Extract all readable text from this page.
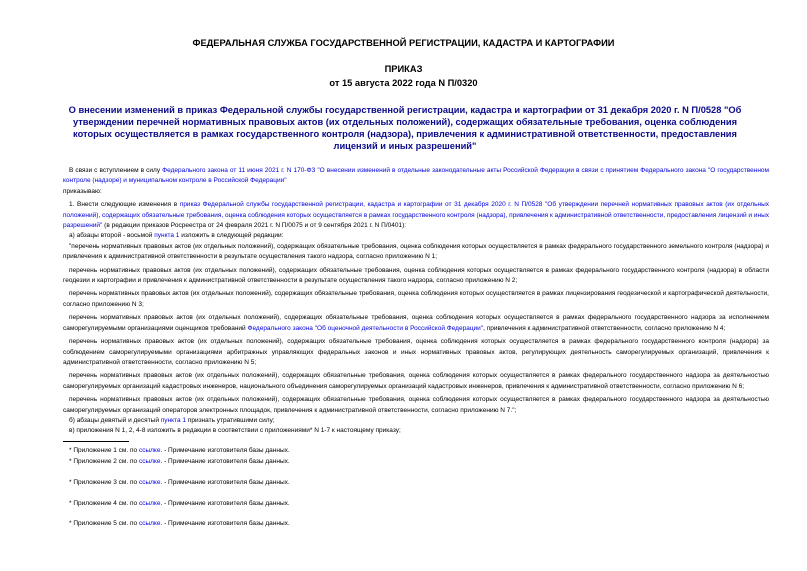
ФЕДЕРАЛЬНАЯ СЛУЖБА ГОСУДАРСТВЕННОЙ РЕГИСТРАЦИИ, КАДАСТРА И КАРТОГРАФИИ
ПРИКАЗ
от 15 августа 2022 года N П/0320
О внесении изменений в приказ Федеральной службы государственной регистрации, кадастра и картографии от 31 декабря 2020 г. N П/0528 "Об утверждении перечней нормативных правовых актов (их отдельных положений), содержащих обязательные требования, оценка соблюдения которых осуществляется в рамках государственного контроля (надзора), привлечения к административной ответственности, предоставления лицензий и иных разрешений"

В связи с вступлением в силу Федерального закона от 11 июня 2021 г. N 170-ФЗ "О внесении изменений в отдельные законодательные акты Российской Федерации в связи с принятием Федерального закона "О государственном контроле (надзоре) и муниципальном контроле в Российской Федерации"

приказываю:

1. Внести следующие изменения в приказ Федеральной службы государственной регистрации, кадастра и картографии от 31 декабря 2020 г. N П/0528 "Об утверждении перечней нормативных правовых актов (их отдельных положений), содержащих обязательные требования, оценка соблюдения которых осуществляется в рамках государственного контроля (надзора), привлечения к административной ответственности, предоставления лицензий и иных разрешений" (в редакции приказов Росреестра от 24 февраля 2021 г. N П/0075 и от 9 сентября 2021 г. N П/0401):

а) абзацы второй - восьмой пункта 1 изложить в следующей редакции:

"перечень нормативных правовых актов (их отдельных положений), содержащих обязательные требования, оценка соблюдения которых осуществляется в рамках федерального государственного земельного контроля (надзора) и привлечения к административной ответственности в результате осуществления такого надзора, согласно приложению N 1;

перечень нормативных правовых актов (их отдельных положений), содержащих обязательные требования, оценка соблюдения которых осуществляется в рамках федерального государственного контроля (надзора) в области геодезии и картографии и привлечения к административной ответственности в результате осуществления такого надзора, согласно приложению N 2;

перечень нормативных правовых актов (их отдельных положений), содержащих обязательные требования, оценка соблюдения которых осуществляется в рамках лицензирования геодезической и картографической деятельности, согласно приложению N 3;

перечень нормативных правовых актов (их отдельных положений), содержащих обязательные требования, оценка соблюдения которых осуществляется в рамках федерального государственного надзора за исполнением саморегулируемыми организациями оценщиков требований Федерального закона "Об оценочной деятельности в Российской Федерации", привлечения к административной ответственности, согласно приложению N 4;

перечень нормативных правовых актов (их отдельных положений), содержащих обязательные требования, оценка соблюдения которых осуществляется в рамках федерального государственного контроля (надзора) за соблюдением саморегулируемыми организациями арбитражных управляющих федеральных законов и иных нормативных правовых актов, регулирующих деятельность саморегулируемых организаций, привлечения к административной ответственности, согласно приложению N 5;

перечень нормативных правовых актов (их отдельных положений), содержащих обязательные требования, оценка соблюдения которых осуществляется в рамках федерального государственного надзора за деятельностью саморегулируемых организаций кадастровых инженеров, национального объединения саморегулируемых организаций кадастровых инженеров, привлечения к административной ответственности, согласно приложению N 6;

перечень нормативных правовых актов (их отдельных положений), содержащих обязательные требования, оценка соблюдения которых осуществляется в рамках федерального государственного надзора за деятельностью саморегулируемых организаций операторов электронных площадок, привлечения к административной ответственности, согласно приложению N 7.";

б) абзацы девятый и десятый пункта 1 признать утратившими силу;

в) приложения N 1, 2, 4-8 изложить в редакции в соответствии с приложениями* N 1-7 к настоящему приказу;

* Приложение 1 см. по ссылке. - Примечание изготовителя базы данных.
* Приложение 2 см. по ссылке. - Примечание изготовителя базы данных.
* Приложение 3 см. по ссылке. - Примечание изготовителя базы данных.
* Приложение 4 см. по ссылке. - Примечание изготовителя базы данных.
* Приложение 5 см. по ссылке. - Примечание изготовителя базы данных.
